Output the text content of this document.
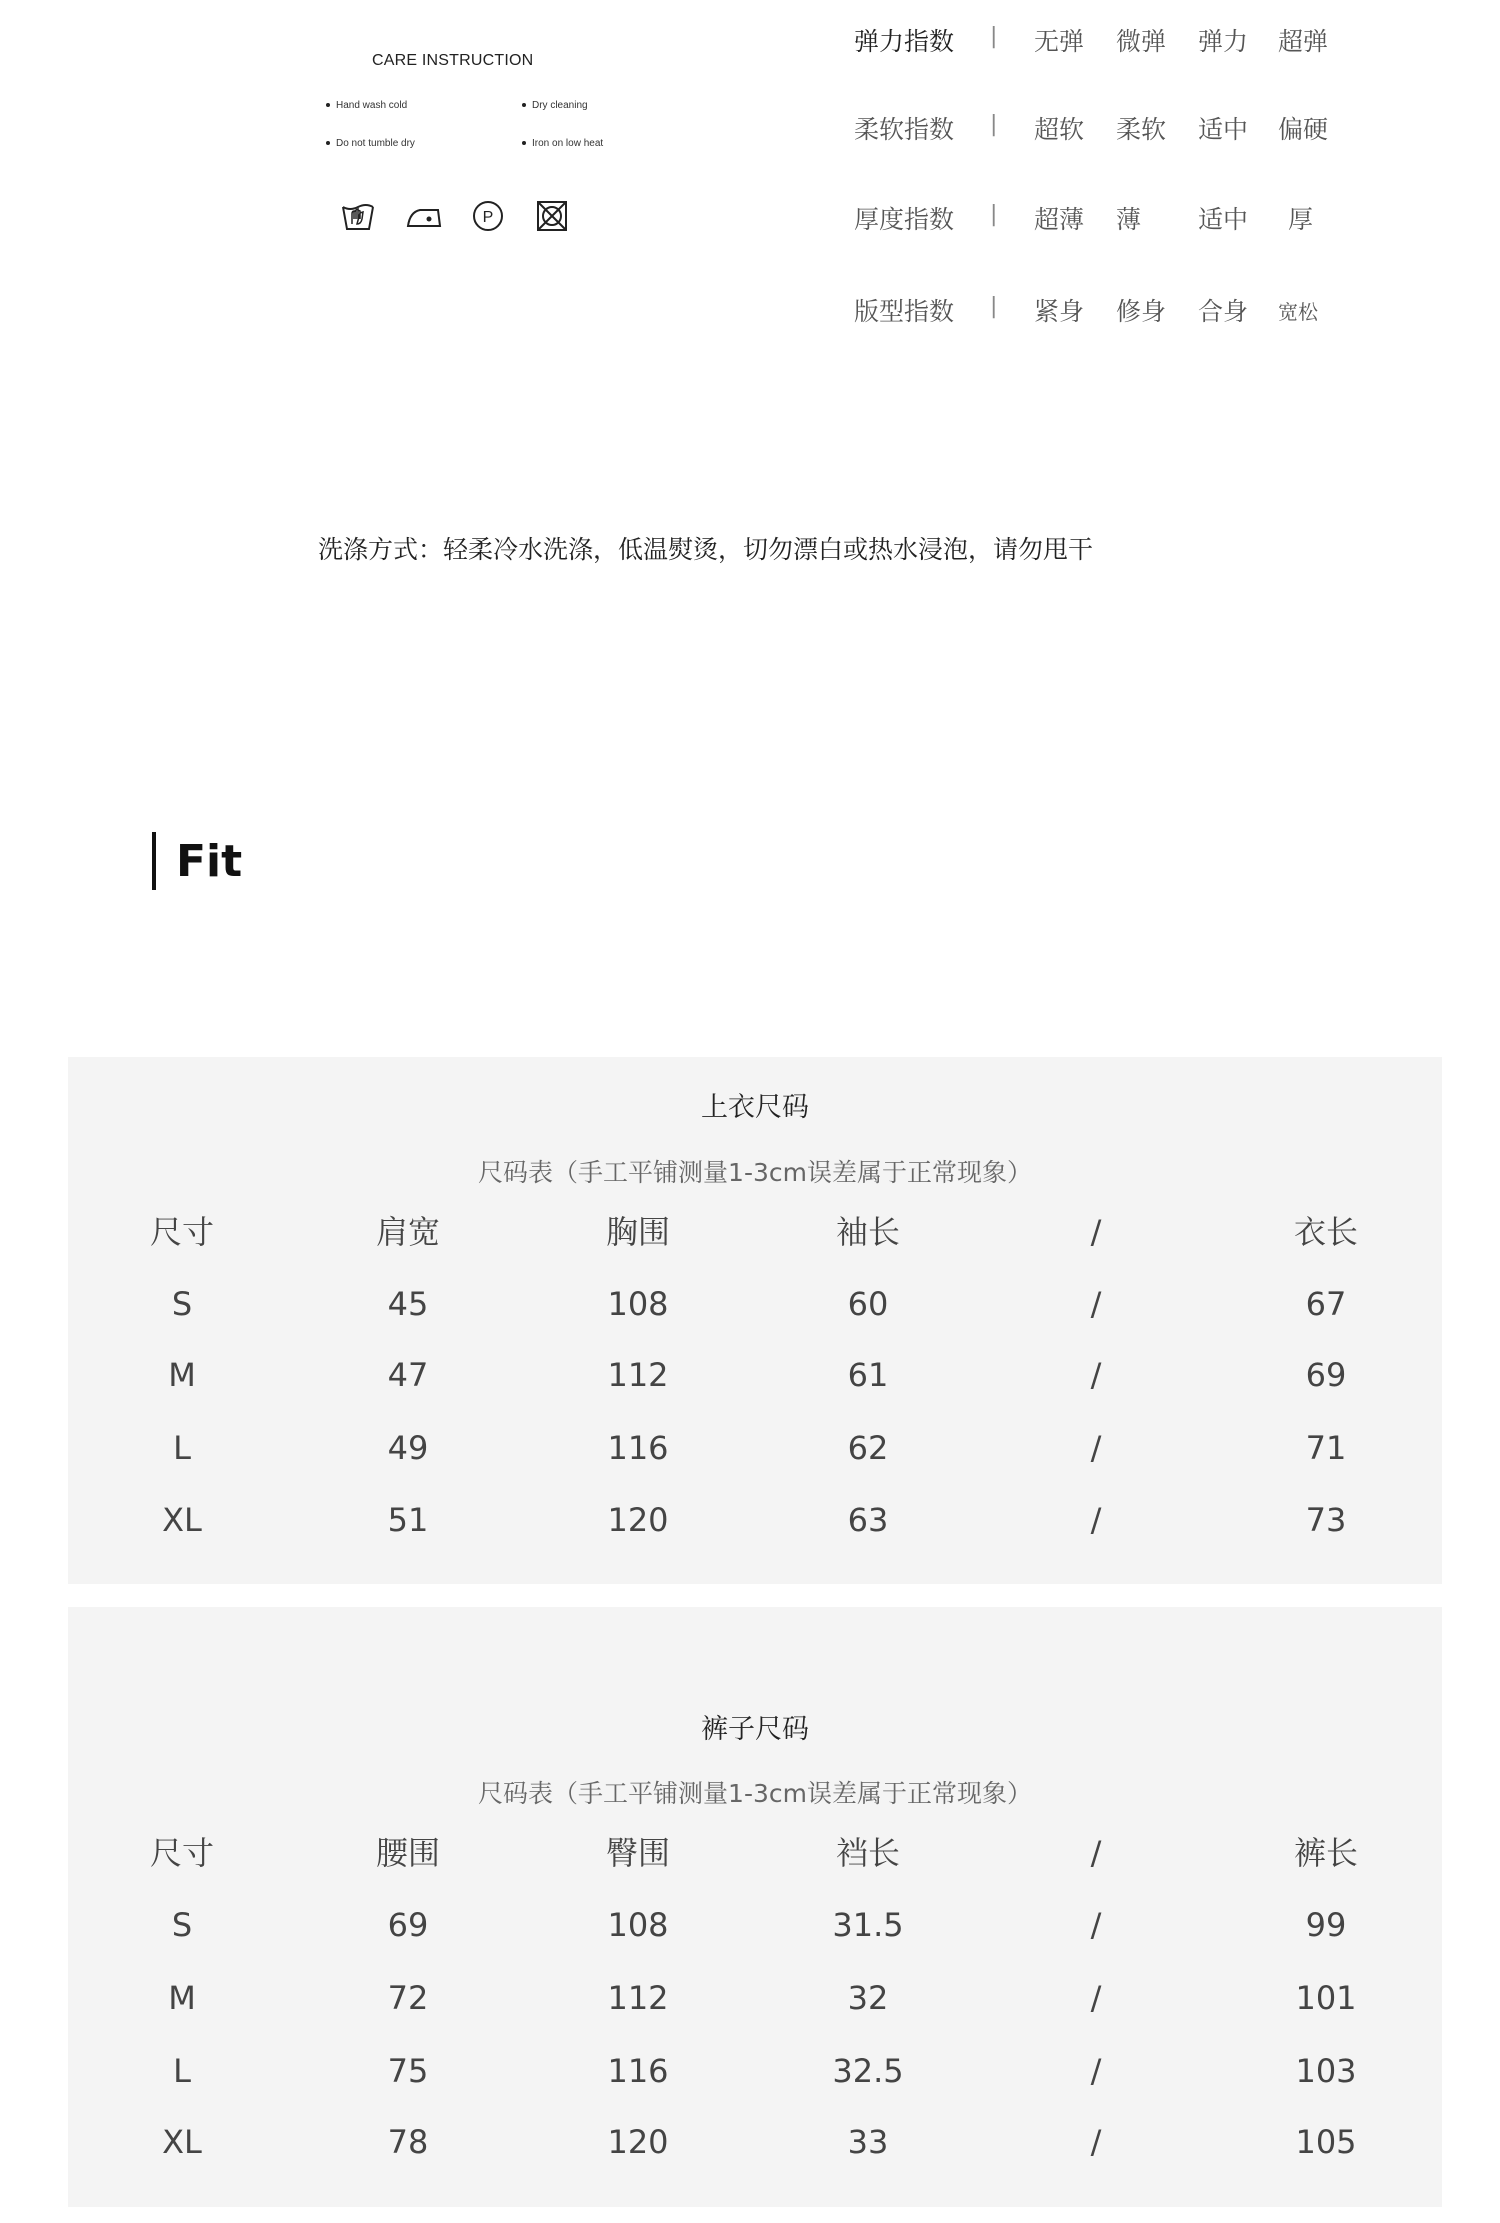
CARE INSTRUCTION
Hand wash cold	Dry cleaning
Do not tumble dry	Iron on low heat
P
弹力指数 | 无弹 微弹 弹力 超弹
柔软指数 | 超软 柔软 适中 偏硬
厚度指数 | 超薄 薄 适中 厚
版型指数 | 紧身 修身 合身 宽松
洗涤方式：轻柔冷水洗涤，低温熨烫，切勿漂白或热水浸泡，请勿甩干
Fit
上衣尺码
尺码表（手工平铺测量1-3cm误差属于正常现象）
尺寸	肩宽	胸围	袖长	/	衣长
S	45	108	60	/	67
M	47	112	61	/	69
L	49	116	62	/	71
XL	51	120	63	/	73
裤子尺码
尺码表（手工平铺测量1-3cm误差属于正常现象）
尺寸	腰围	臀围	裆长	/	裤长
S	69	108	31.5	/	99
M	72	112	32	/	101
L	75	116	32.5	/	103
XL	78	120	33	/	105
